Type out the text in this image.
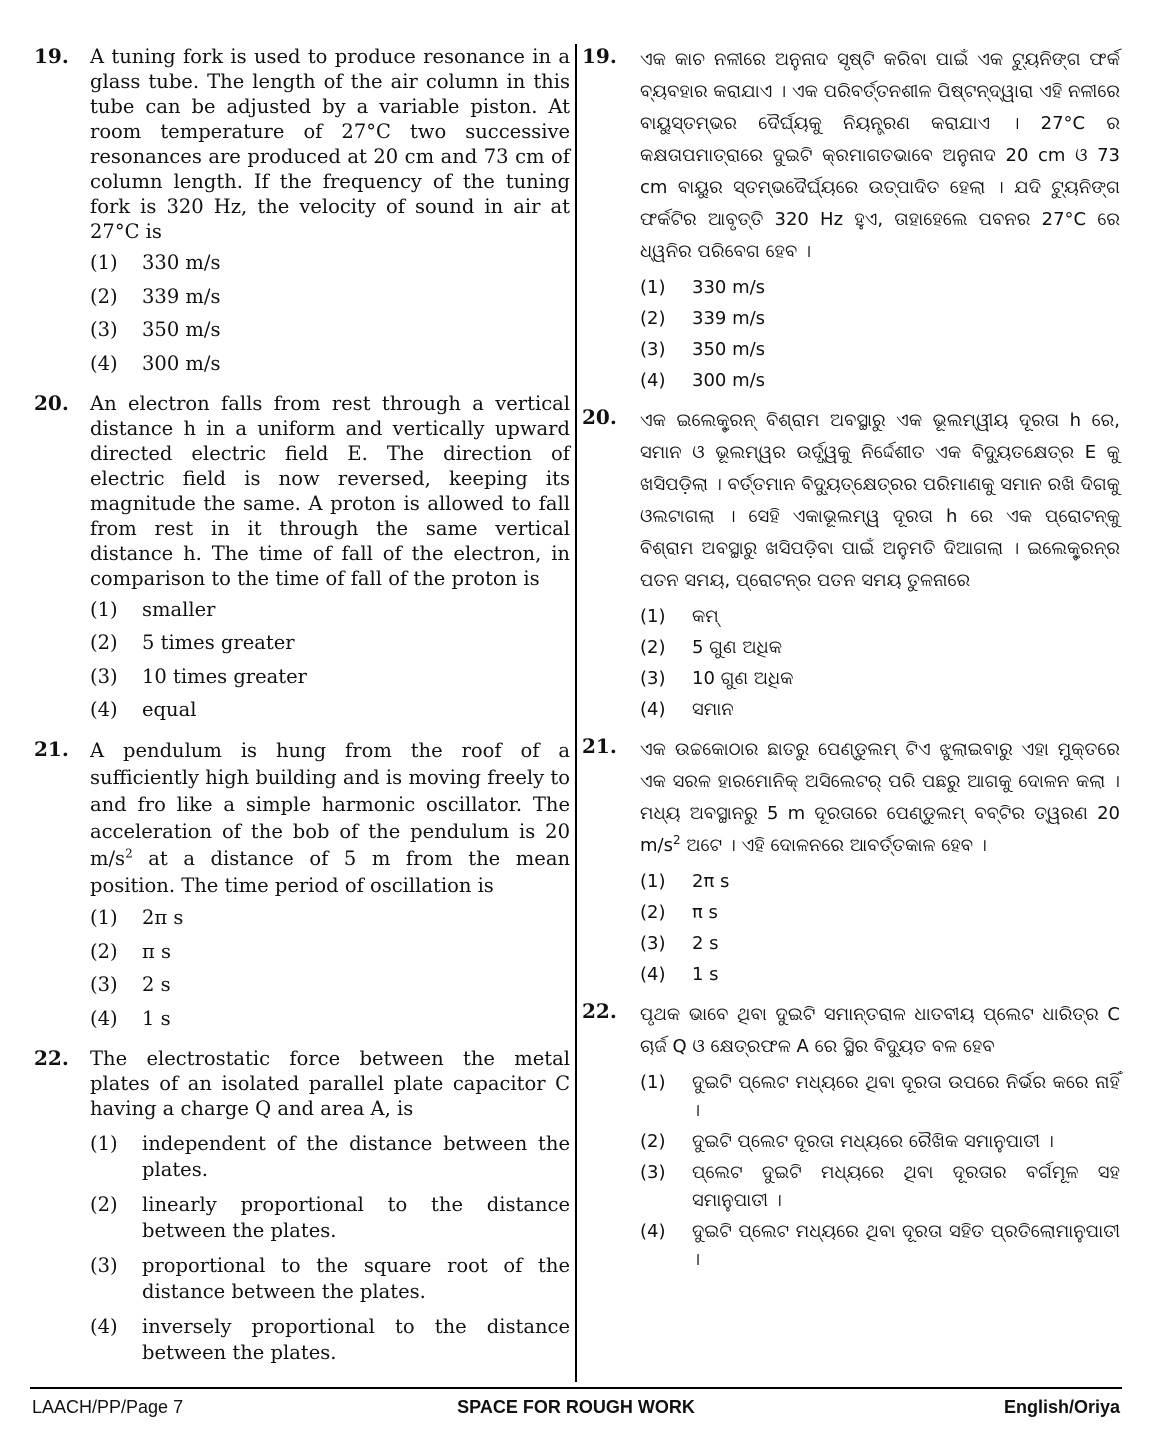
19. A tuning fork is used to produce resonance in a glass tube. The length of the air column in this tube can be adjusted by a variable piston. At room temperature of 27°C two successive resonances are produced at 20 cm and 73 cm of column length. If the frequency of the tuning fork is 320 Hz, the velocity of sound in air at 27°C is

(1) 330 m/s
(2) 339 m/s
(3) 350 m/s
(4) 300 m/s
20. An electron falls from rest through a vertical distance h in a uniform and vertically upward directed electric field E. The direction of electric field is now reversed, keeping its magnitude the same. A proton is allowed to fall from rest in it through the same vertical distance h. The time of fall of the electron, in comparison to the time of fall of the proton is

(1) smaller
(2) 5 times greater
(3) 10 times greater
(4) equal
21. A pendulum is hung from the roof of a sufficiently high building and is moving freely to and fro like a simple harmonic oscillator. The acceleration of the bob of the pendulum is 20 $m/s^2$ at a distance of 5 m from the mean position. The time period of oscillation is

(1) 2π s
(2) π s
(3) 2 s
(4) 1 s
22. The electrostatic force between the metal plates of an isolated parallel plate capacitor C having a charge Q and area A, is

(1) independent of the distance between the plates.
(2) linearly proportional to the distance between the plates.
(3) proportional to the square root of the distance between the plates.
(4) inversely proportional to the distance between the plates.
19. ଏକ କାଚ ନଳୀରେ ଅନୁନାଦ ସୃଷ୍ଟି କରିବା ପାଇଁ ଏକ ଟ୍ୟୁନିଙ୍ଗ ଫର୍କ ବ୍ୟବହାର କରାଯାଏ । ଏକ ପରିବର୍ତ୍ତନଶୀଳ ପିଷ୍ଟନ୍‌ଦ୍ୱାରା ଏହି ନଳୀରେ ବାୟୁସ୍ତମ୍ଭର ଦୈର୍ଘ୍ୟକୁ ନିୟନ୍ତ୍ରଣ କରାଯାଏ । 27°C ର କକ୍ଷତାପମାତ୍ରାରେ ଦୁଇଟି କ୍ରମାଗତଭାବେ ଅନୁନାଦ 20 cm ଓ 73 cm ବାୟୁର ସ୍ତମ୍ଭଦୈର୍ଘ୍ୟରେ ଉତ୍ପାଦିତ ହେଲା । ଯଦି ଟ୍ୟୁନିଙ୍ଗ ଫର୍କଟିର ଆବୃତ୍ତି 320 Hz ହୁଏ, ତାହାହେଲେ ପବନର 27°C ରେ ଧ୍ୱନିର ପରିବେଗ ହେବ ।

(1) 330 m/s
(2) 339 m/s
(3) 350 m/s
(4) 300 m/s
20. ଏକ ଇଲେକ୍ଟ୍ରନ୍ ବିଶ୍ରାମ ଅବସ୍ଥାରୁ ଏକ ଭୂଲମ୍ୱୀୟ ଦୂରତା h ରେ, ସମାନ ଓ ଭୂଲମ୍ୱର ଉର୍ଦ୍ଧ୍ୱକୁ ନିର୍ଦ୍ଦେଶୀତ ଏକ ବିଦ୍ୟୁତକ୍ଷେତ୍ର E କୁ ଖସିପଡ଼ିଲା । ବର୍ତ୍ତମାନ ବିଦ୍ୟୁତ୍‌କ୍ଷେତ୍ରର ପରିମାଣକୁ ସମାନ ରଖି ଦିଗକୁ ଓଲଟାଗଲା । ସେହି ଏକାଭୂଲମ୍ୱ ଦୂରତା h ରେ ଏକ ପ୍ରୋଟନ୍‌କୁ ବିଶ୍ରାମ ଅବସ୍ଥାରୁ ଖସିପଡ଼ିବା ପାଇଁ ଅନୁମତି ଦିଆଗଲା । ଇଲେକ୍ଟ୍ରନ୍‌ର ପତନ ସମୟ, ପ୍ରୋଟନ୍‌ର ପତନ ସମୟ ତୁଳନାରେ

(1) କମ୍
(2) 5 ଗୁଣ ଅଧିକ
(3) 10 ଗୁଣ ଅଧିକ
(4) ସମାନ
21. ଏକ ଉଚ୍ଚକୋଠାର ଛାତରୁ ପେଣ୍ଡୁଲମ୍ ଟିଏ ଝୁଲାଇବାରୁ ଏହା ମୁକ୍ତରେ ଏକ ସରଳ ହାରମୋନିକ୍ ଅସିଲେଟର୍ ପରି ପଛରୁ ଆଗକୁ ଦୋଳନ କଲା । ମଧ୍ୟ ଅବସ୍ଥାନରୁ 5 m ଦୂରତାରେ ପେଣ୍ଡୁଲମ୍ ବବ୍‌ଟିର ତ୍ୱରଣ 20 $m/s^2$ ଅଟେ । ଏହି ଦୋଳନରେ ଆବର୍ତ୍ତକାଳ ହେବ ।

(1) 2π s
(2) π s
(3) 2 s
(4) 1 s
22. ପୃଥକ ଭାବେ ଥିବା ଦୁଇଟି ସମାନ୍ତରାଳ ଧାତବୀୟ ପ୍ଲେଟ ଧାରିତ୍ର C ଚାର୍ଜ Q ଓ କ୍ଷେତ୍ରଫଳ A ରେ ସ୍ଥିର ବିଦ୍ୟୁତ ବଳ ହେବ

(1) ଦୁଇଟି ପ୍ଲେଟ ମଧ୍ୟରେ ଥିବା ଦୂରତା ଉପରେ ନିର୍ଭର କରେ ନାହିଁ ।
(2) ଦୁଇଟି ପ୍ଲେଟ ଦୂରତା ମଧ୍ୟରେ ରୈଖିକ ସମାନୁପାତୀ ।
(3) ପ୍ଲେଟ ଦୁଇଟି ମଧ୍ୟରେ ଥିବା ଦୂରତାର ବର୍ଗମୂଳ ସହ ସମାନୁପାତୀ ।
(4) ଦୁଇଟି ପ୍ଲେଟ ମଧ୍ୟରେ ଥିବା ଦୂରତା ସହିତ ପ୍ରତିଲୋମାନୁପାତୀ ।
LAACH/PP/Page 7	SPACE FOR ROUGH WORK	English/Oriya
